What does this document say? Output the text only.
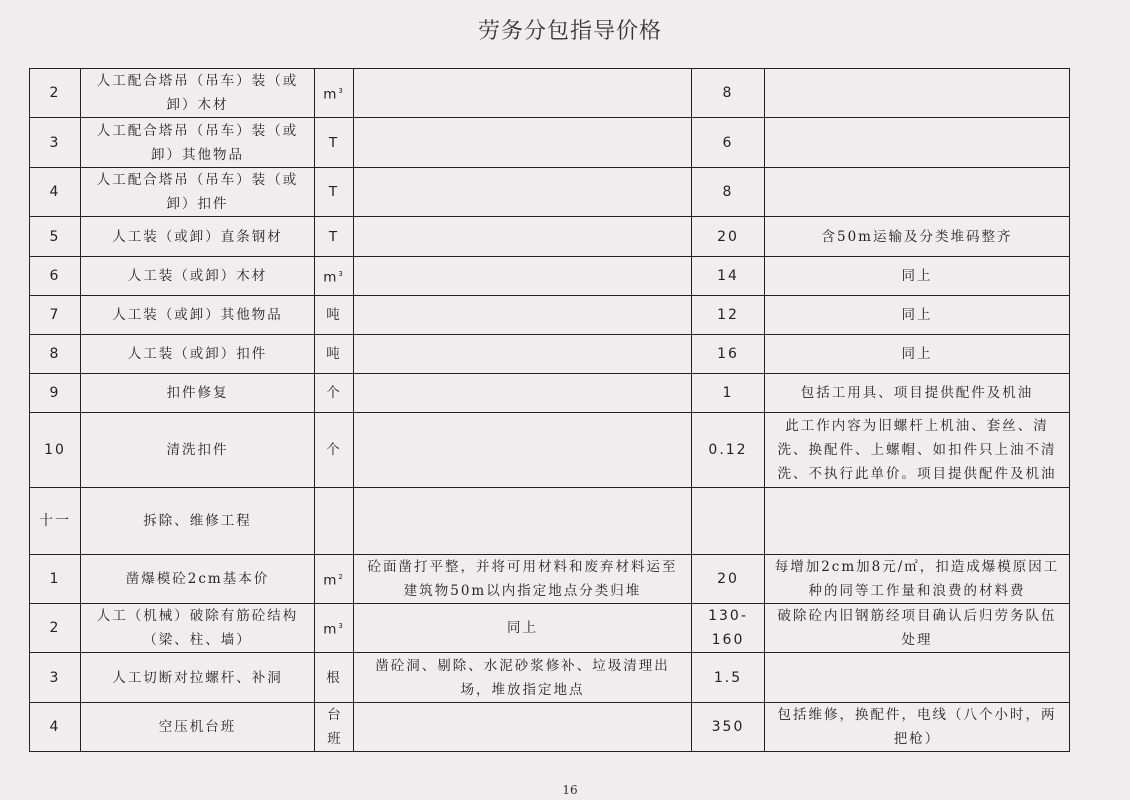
劳务分包指导价格
2	人工配合塔吊（吊车）装（或卸）木材	$m^3$		8	
3	人工配合塔吊（吊车）装（或卸）其他物品	T		6	
4	人工配合塔吊（吊车）装（或卸）扣件	T		8	
5	人工装（或卸）直条钢材	T		20	含50m运输及分类堆码整齐
6	人工装（或卸）木材	$m^3$		14	同上
7	人工装（或卸）其他物品	吨		12	同上
8	人工装（或卸）扣件	吨		16	同上
9	扣件修复	个		1	包括工用具、项目提供配件及机油
10	清洗扣件	个		0.12	此工作内容为旧螺杆上机油、套丝、清洗、换配件、上螺帽、如扣件只上油不清洗、不执行此单价。项目提供配件及机油
十一	拆除、维修工程				
1	凿爆模砼2cm基本价	$m^2$	砼面凿打平整，并将可用材料和废弃材料运至建筑物50m以内指定地点分类归堆	20	每增加2cm加8元/㎡，扣造成爆模原因工种的同等工作量和浪费的材料费
2	人工（机械）破除有筋砼结构（梁、柱、墙）	$m^3$	同上	130-160	破除砼内旧钢筋经项目确认后归劳务队伍处理
3	人工切断对拉螺杆、补洞	根	凿砼洞、剔除、水泥砂浆修补、垃圾清理出场，堆放指定地点	1.5	
4	空压机台班	台班		350	包括维修，换配件，电线（八个小时，两把枪）
16
